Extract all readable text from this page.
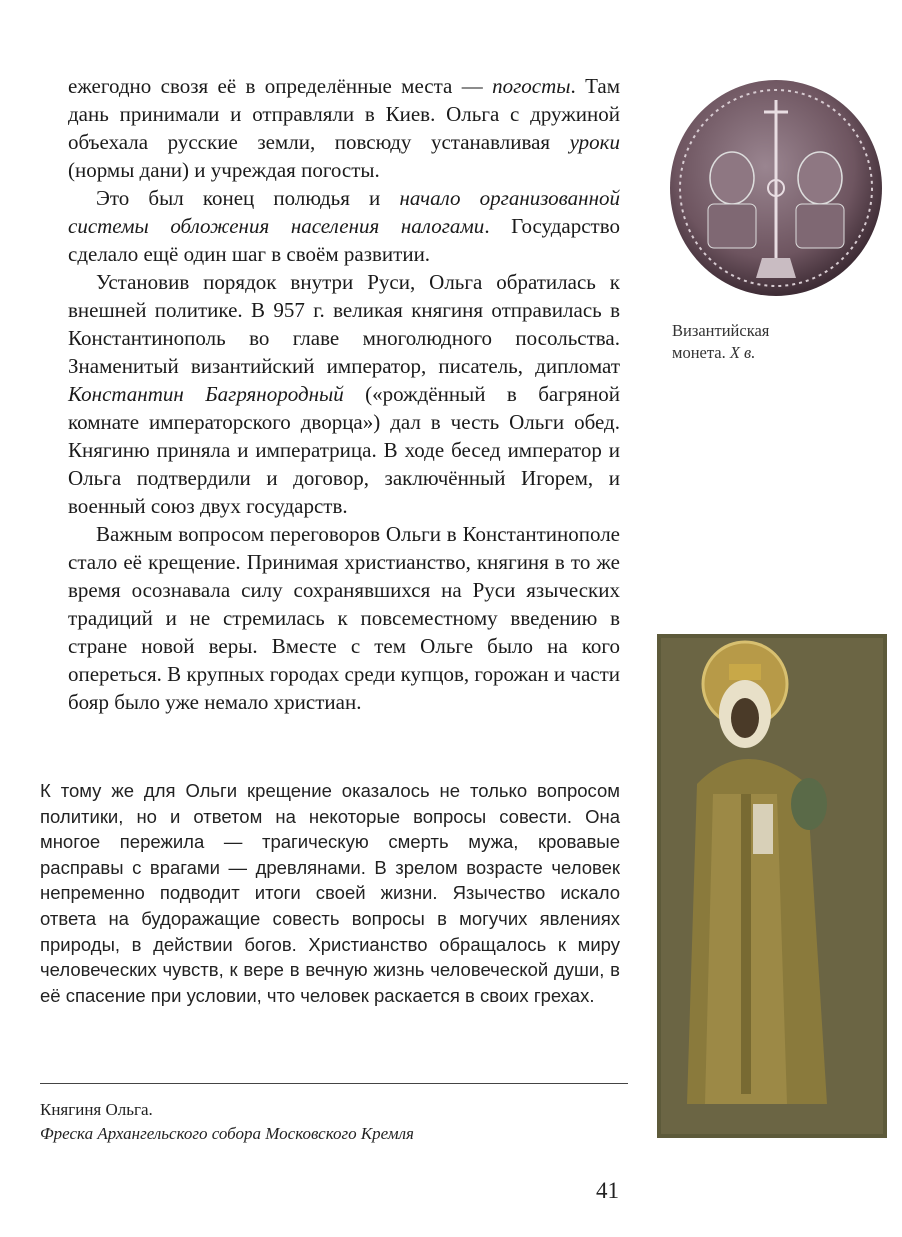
ежегодно свозя её в определённые места — погосты. Там дань принимали и отправляли в Киев. Ольга с дружиной объехала русские земли, повсюду устанавливая уроки (нормы дани) и учреждая погосты.

Это был конец полюдья и начало организованной системы обложения населения налогами. Государство сделало ещё один шаг в своём развитии.

Установив порядок внутри Руси, Ольга обратилась к внешней политике. В 957 г. великая княгиня отправилась в Константинополь во главе многолюдного посольства. Знаменитый византийский император, писатель, дипломат Константин Багрянородный («рождённый в багряной комнате императорского дворца») дал в честь Ольги обед. Княгиню приняла и императрица. В ходе бесед император и Ольга подтвердили и договор, заключённый Игорем, и военный союз двух государств.

Важным вопросом переговоров Ольги в Константинополе стало её крещение. Принимая христианство, княгиня в то же время осознавала силу сохранявшихся на Руси языческих традиций и не стремилась к повсеместному введению в стране новой веры. Вместе с тем Ольге было на кого опереться. В крупных городах среди купцов, горожан и части бояр было уже немало христиан.

Византийская
монета. X в.
К тому же для Ольги крещение оказалось не только вопросом политики, но и ответом на некоторые вопросы совести. Она многое пережила — трагическую смерть мужа, кровавые расправы с врагами — древлянами. В зрелом возрасте человек непременно подводит итоги своей жизни. Язычество искало ответа на будоражащие совесть вопросы в могучих явлениях природы, в действии богов. Христианство обращалось к миру человеческих чувств, к вере в вечную жизнь человеческой души, в её спасение при условии, что человек раскается в своих грехах.
Княгиня Ольга.
Фреска Архангельского собора Московского Кремля
41
